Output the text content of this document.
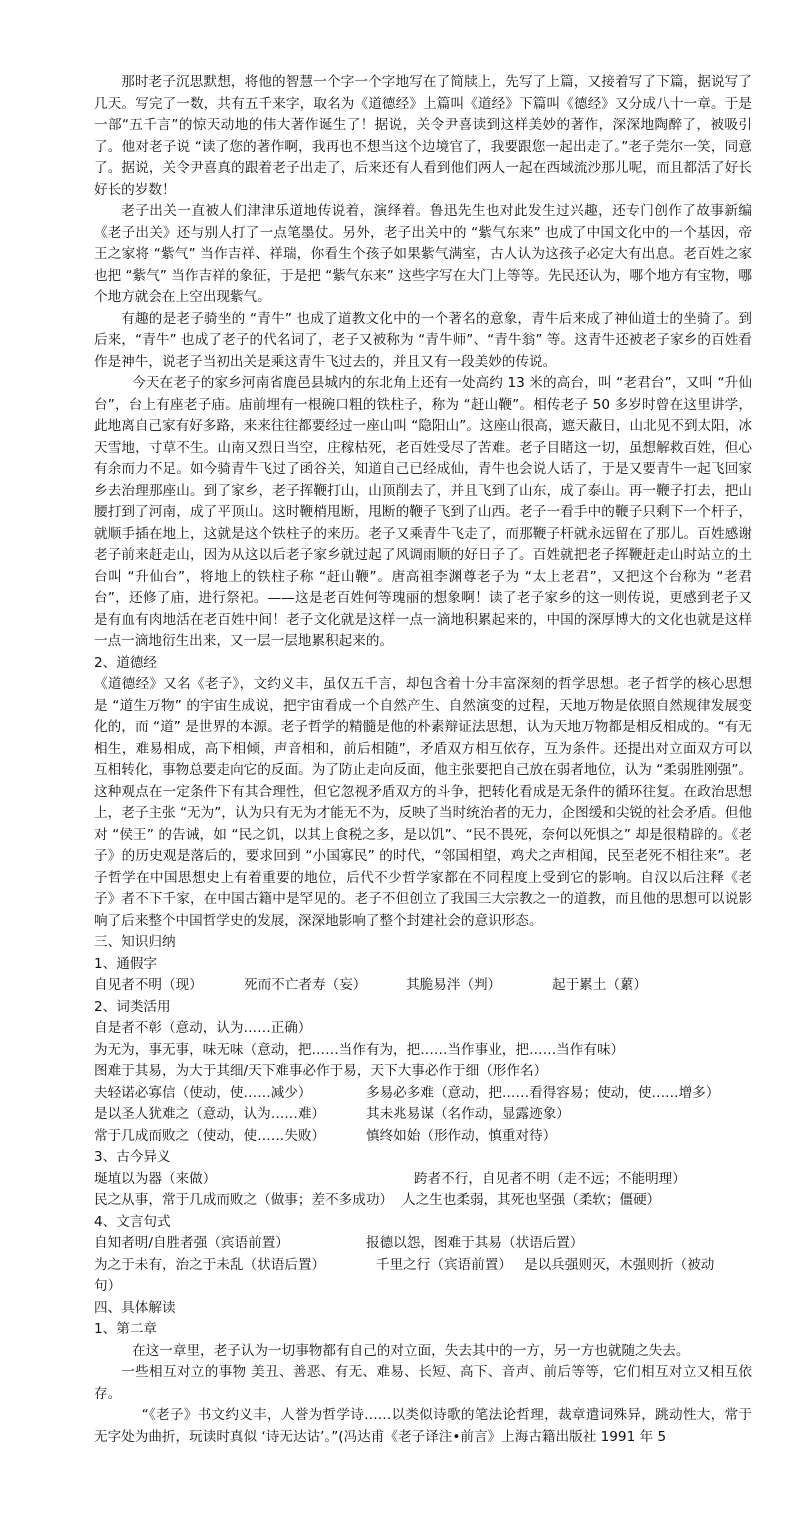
那时老子沉思默想，将他的智慧一个字一个字地写在了简牍上，先写了上篇，又接着写了下篇，据说写了几天。写完了一数，共有五千来字，取名为《道德经》上篇叫《道经》下篇叫《德经》又分成八十一章。于是一部“五千言”的惊天动地的伟大著作诞生了！据说，关令尹喜读到这样美妙的著作，深深地陶醉了，被吸引了。他对老子说 “读了您的著作啊，我再也不想当这个边境官了，我要跟您一起出走了。”老子莞尔一笑，同意了。据说，关令尹喜真的跟着老子出走了，后来还有人看到他们两人一起在西域流沙那儿呢，而且都活了好长好长的岁数！

老子出关一直被人们津津乐道地传说着，演绎着。鲁迅先生也对此发生过兴趣，还专门创作了故事新编《老子出关》还与别人打了一点笔墨仗。另外，老子出关中的 “紫气东来” 也成了中国文化中的一个基因，帝王之家将 “紫气” 当作吉祥、祥瑞，你看生个孩子如果紫气满室，古人认为这孩子必定大有出息。老百姓之家也把 “紫气” 当作吉祥的象征，于是把 “紫气东来” 这些字写在大门上等等。先民还认为，哪个地方有宝物，哪个地方就会在上空出现紫气。

有趣的是老子骑坐的 “青牛” 也成了道教文化中的一个著名的意象，青牛后来成了神仙道士的坐骑了。到后来，“青牛” 也成了老子的代名词了，老子又被称为 “青牛师”、“青牛翁” 等。这青牛还被老子家乡的百姓看作是神牛，说老子当初出关是乘这青牛飞过去的，并且又有一段美妙的传说。

今天在老子的家乡河南省鹿邑县城内的东北角上还有一处高约 13 米的高台，叫 “老君台”，又叫 “升仙台”，台上有座老子庙。庙前埋有一根碗口粗的铁柱子，称为 “赶山鞭”。相传老子 50 多岁时曾在这里讲学，此地离自己家有好多路，来来往往都要经过一座山叫 “隐阳山”。这座山很高，遮天蔽日，山北见不到太阳，冰天雪地，寸草不生。山南又烈日当空，庄稼枯死，老百姓受尽了苦难。老子目睹这一切，虽想解救百姓，但心有余而力不足。如今骑青牛飞过了函谷关，知道自己已经成仙，青牛也会说人话了，于是又要青牛一起飞回家乡去治理那座山。到了家乡，老子挥鞭打山，山顶削去了，并且飞到了山东，成了泰山。再一鞭子打去，把山腰打到了河南，成了平顶山。这时鞭梢甩断，甩断的鞭子飞到了山西。老子一看手中的鞭子只剩下一个杆子，就顺手插在地上，这就是这个铁柱子的来历。老子又乘青牛飞走了，而那鞭子杆就永远留在了那儿。百姓感谢老子前来赶走山，因为从这以后老子家乡就过起了风调雨顺的好日子了。百姓就把老子挥鞭赶走山时站立的土台叫 “升仙台”，将地上的铁柱子称 “赶山鞭”。唐高祖李渊尊老子为 “太上老君”，又把这个台称为 “老君台”，还修了庙，进行祭祀。——这是老百姓何等瑰丽的想象啊！读了老子家乡的这一则传说，更感到老子又是有血有肉地活在老百姓中间！老子文化就是这样一点一滴地积累起来的，中国的深厚博大的文化也就是这样一点一滴地衍生出来，又一层一层地累积起来的。

2、道德经

《道德经》又名《老子》，文约义丰，虽仅五千言，却包含着十分丰富深刻的哲学思想。老子哲学的核心思想是 “道生万物” 的宇宙生成说，把宇宙看成一个自然产生、自然演变的过程，天地万物是依照自然规律发展变化的，而 “道” 是世界的本源。老子哲学的精髓是他的朴素辩证法思想，认为天地万物都是相反相成的。“有无相生，难易相成，高下相倾，声音相和，前后相随”，矛盾双方相互依存，互为条件。还提出对立面双方可以互相转化，事物总要走向它的反面。为了防止走向反面，他主张要把自己放在弱者地位，认为 “柔弱胜刚强”。这种观点在一定条件下有其合理性，但它忽视矛盾双方的斗争，把转化看成是无条件的循环往复。在政治思想上，老子主张 “无为”，认为只有无为才能无不为，反映了当时统治者的无力，企图缓和尖锐的社会矛盾。但他对 “侯王” 的告诫，如 “民之饥，以其上食税之多，是以饥”、“民不畏死，奈何以死惧之” 却是很精辟的。《老子》的历史观是落后的，要求回到 “小国寡民” 的时代，“邻国相望，鸡犬之声相闻，民至老死不相往来”。老子哲学在中国思想史上有着重要的地位，后代不少哲学家都在不同程度上受到它的影响。自汉以后注释《老子》者不下千家，在中国古籍中是罕见的。老子不但创立了我国三大宗教之一的道教，而且他的思想可以说影响了后来整个中国哲学史的发展，深深地影响了整个封建社会的意识形态。

三、知识归纳

1、通假字

自见者不明（现）	死而不亡者寿（妄）	其脆易泮（判）	起于累土（蔂）

2、词类活用

自是者不彰（意动，认为……正确）

为无为，事无事，味无味（意动，把……当作有为，把……当作事业，把……当作有味）

图难于其易，为大于其细/天下难事必作于易，天下大事必作于细（形作名）

夫轻诺必寡信（使动，使……减少）	多易必多难（意动，把……看得容易；使动，使……增多）
是以圣人犹难之（意动，认为……难）	其未兆易谋（名作动，显露迹象）
常于几成而败之（使动，使……失败）	慎终如始（形作动，慎重对待）

3、古今异义

埏埴以为器（来做）	跨者不行，自见者不明（走不远；不能明理）
民之从事，常于几成而败之（做事；差不多成功） 人之生也柔弱，其死也坚强（柔软；僵硬）

4、文言句式

自知者明/自胜者强（宾语前置）	报德以怨，图难于其易（状语后置）
为之于未有，治之于未乱（状语后置）	千里之行（宾语前置） 是以兵强则灭，木强则折（被动

句）

四、具体解读

1、第二章

在这一章里，老子认为一切事物都有自己的对立面，失去其中的一方，另一方也就随之失去。

一些相互对立的事物 美丑、善恶、有无、难易、长短、高下、音声、前后等等，它们相互对立又相互依存。

“《老子》书文约义丰，人誉为哲学诗……以类似诗歌的笔法论哲理，裁章遣词殊异，跳动性大，常于无字处为曲折，玩读时真似 ‘诗无达诂’。”(冯达甫《老子译注•前言》上海古籍出版社 1991 年 5
